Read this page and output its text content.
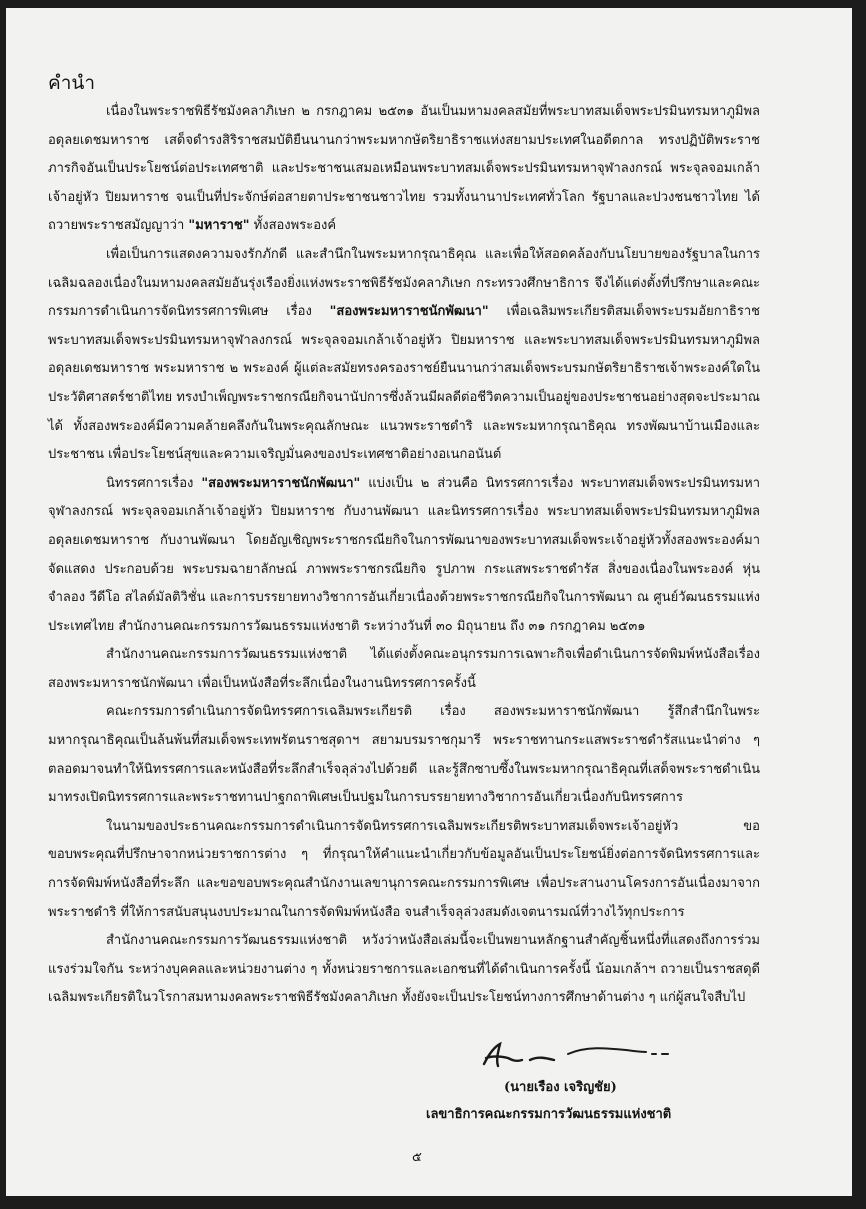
คำนำ

เนื่องในพระราชพิธีรัชมังคลาภิเษก ๒ กรกฎาคม ๒๕๓๑ อันเป็นมหามงคลสมัยที่พระบาทสมเด็จพระปรมินทรมหาภูมิพลอดุลยเดชมหาราช เสด็จดำรงสิริราชสมบัติยืนนานกว่าพระมหากษัตริยาธิราชแห่งสยามประเทศในอดีตกาล ทรงปฏิบัติพระราชภารกิจอันเป็นประโยชน์ต่อประเทศชาติ และประชาชนเสมอเหมือนพระบาทสมเด็จพระปรมินทรมหาจุฬาลงกรณ์ พระจุลจอมเกล้าเจ้าอยู่หัว ปิยมหาราช จนเป็นที่ประจักษ์ต่อสายตาประชาชนชาวไทย รวมทั้งนานาประเทศทั่วโลก รัฐบาลและปวงชนชาวไทย ได้ถวายพระราชสมัญญาว่า "มหาราช" ทั้งสองพระองค์

เพื่อเป็นการแสดงความจงรักภักดี และสำนึกในพระมหากรุณาธิคุณ และเพื่อให้สอดคล้องกับนโยบายของรัฐบาลในการเฉลิมฉลองเนื่องในมหามงคลสมัยอันรุ่งเรืองยิ่งแห่งพระราชพิธีรัชมังคลาภิเษก กระทรวงศึกษาธิการ จึงได้แต่งตั้งที่ปรึกษาและคณะกรรมการดำเนินการจัดนิทรรศการพิเศษ เรื่อง "สองพระมหาราชนักพัฒนา" เพื่อเฉลิมพระเกียรติสมเด็จพระบรมอัยกาธิราช พระบาทสมเด็จพระปรมินทรมหาจุฬาลงกรณ์ พระจุลจอมเกล้าเจ้าอยู่หัว ปิยมหาราช และพระบาทสมเด็จพระปรมินทรมหาภูมิพลอดุลยเดชมหาราช พระมหาราช ๒ พระองค์ ผู้แต่ละสมัยทรงครองราชย์ยืนนานกว่าสมเด็จพระบรมกษัตริยาธิราชเจ้าพระองค์ใดในประวัติศาสตร์ชาติไทย ทรงบำเพ็ญพระราชกรณียกิจนานัปการซึ่งล้วนมีผลดีต่อชีวิตความเป็นอยู่ของประชาชนอย่างสุดจะประมาณได้ ทั้งสองพระองค์มีความคล้ายคลึงกันในพระคุณลักษณะ แนวพระราชดำริ และพระมหากรุณาธิคุณ ทรงพัฒนาบ้านเมืองและประชาชน เพื่อประโยชน์สุขและความเจริญมั่นคงของประเทศชาติอย่างอเนกอนันต์

นิทรรศการเรื่อง "สองพระมหาราชนักพัฒนา" แบ่งเป็น ๒ ส่วนคือ นิทรรศการเรื่อง พระบาทสมเด็จพระปรมินทรมหาจุฬาลงกรณ์ พระจุลจอมเกล้าเจ้าอยู่หัว ปิยมหาราช กับงานพัฒนา และนิทรรศการเรื่อง พระบาทสมเด็จพระปรมินทรมหาภูมิพลอดุลยเดชมหาราช กับงานพัฒนา โดยอัญเชิญพระราชกรณียกิจในการพัฒนาของพระบาทสมเด็จพระเจ้าอยู่หัวทั้งสองพระองค์มาจัดแสดง ประกอบด้วย พระบรมฉายาลักษณ์ ภาพพระราชกรณียกิจ รูปภาพ กระแสพระราชดำรัส สิ่งของเนื่องในพระองค์ หุ่นจำลอง วีดีโอ สไลด์มัลติวิชั่น และการบรรยายทางวิชาการอันเกี่ยวเนื่องด้วยพระราชกรณียกิจในการพัฒนา ณ ศูนย์วัฒนธรรมแห่งประเทศไทย สำนักงานคณะกรรมการวัฒนธรรมแห่งชาติ ระหว่างวันที่ ๓๐ มิถุนายน ถึง ๓๑ กรกฎาคม ๒๕๓๑

สำนักงานคณะกรรมการวัฒนธรรมแห่งชาติ ได้แต่งตั้งคณะอนุกรรมการเฉพาะกิจเพื่อดำเนินการจัดพิมพ์หนังสือเรื่อง สองพระมหาราชนักพัฒนา เพื่อเป็นหนังสือที่ระลึกเนื่องในงานนิทรรศการครั้งนี้

คณะกรรมการดำเนินการจัดนิทรรศการเฉลิมพระเกียรติ เรื่อง สองพระมหาราชนักพัฒนา รู้สึกสำนึกในพระมหากรุณาธิคุณเป็นล้นพ้นที่สมเด็จพระเทพรัตนราชสุดาฯ สยามบรมราชกุมารี พระราชทานกระแสพระราชดำรัสแนะนำต่าง ๆ ตลอดมาจนทำให้นิทรรศการและหนังสือที่ระลึกสำเร็จลุล่วงไปด้วยดี และรู้สึกซาบซึ้งในพระมหากรุณาธิคุณที่เสด็จพระราชดำเนินมาทรงเปิดนิทรรศการและพระราชทานปาฐกถาพิเศษเป็นปฐมในการบรรยายทางวิชาการอันเกี่ยวเนื่องกับนิทรรศการ

ในนามของประธานคณะกรรมการดำเนินการจัดนิทรรศการเฉลิมพระเกียรติพระบาทสมเด็จพระเจ้าอยู่หัว ขอขอบพระคุณที่ปรึกษาจากหน่วยราชการต่าง ๆ ที่กรุณาให้คำแนะนำเกี่ยวกับข้อมูลอันเป็นประโยชน์ยิ่งต่อการจัดนิทรรศการและการจัดพิมพ์หนังสือที่ระลึก และขอขอบพระคุณสำนักงานเลขานุการคณะกรรมการพิเศษ เพื่อประสานงานโครงการอันเนื่องมาจากพระราชดำริ ที่ให้การสนับสนุนงบประมาณในการจัดพิมพ์หนังสือ จนสำเร็จลุล่วงสมดังเจตนารมณ์ที่วางไว้ทุกประการ

สำนักงานคณะกรรมการวัฒนธรรมแห่งชาติ หวังว่าหนังสือเล่มนี้จะเป็นพยานหลักฐานสำคัญชิ้นหนึ่งที่แสดงถึงการร่วมแรงร่วมใจกัน ระหว่างบุคคลและหน่วยงานต่าง ๆ ทั้งหน่วยราชการและเอกชนที่ได้ดำเนินการครั้งนี้ น้อมเกล้าฯ ถวายเป็นราชสดุดีเฉลิมพระเกียรติในวโรกาสมหามงคลพระราชพิธีรัชมังคลาภิเษก ทั้งยังจะเป็นประโยชน์ทางการศึกษาด้านต่าง ๆ แก่ผู้สนใจสืบไป

(นายเรือง เจริญชัย)
เลขาธิการคณะกรรมการวัฒนธรรมแห่งชาติ
๕
